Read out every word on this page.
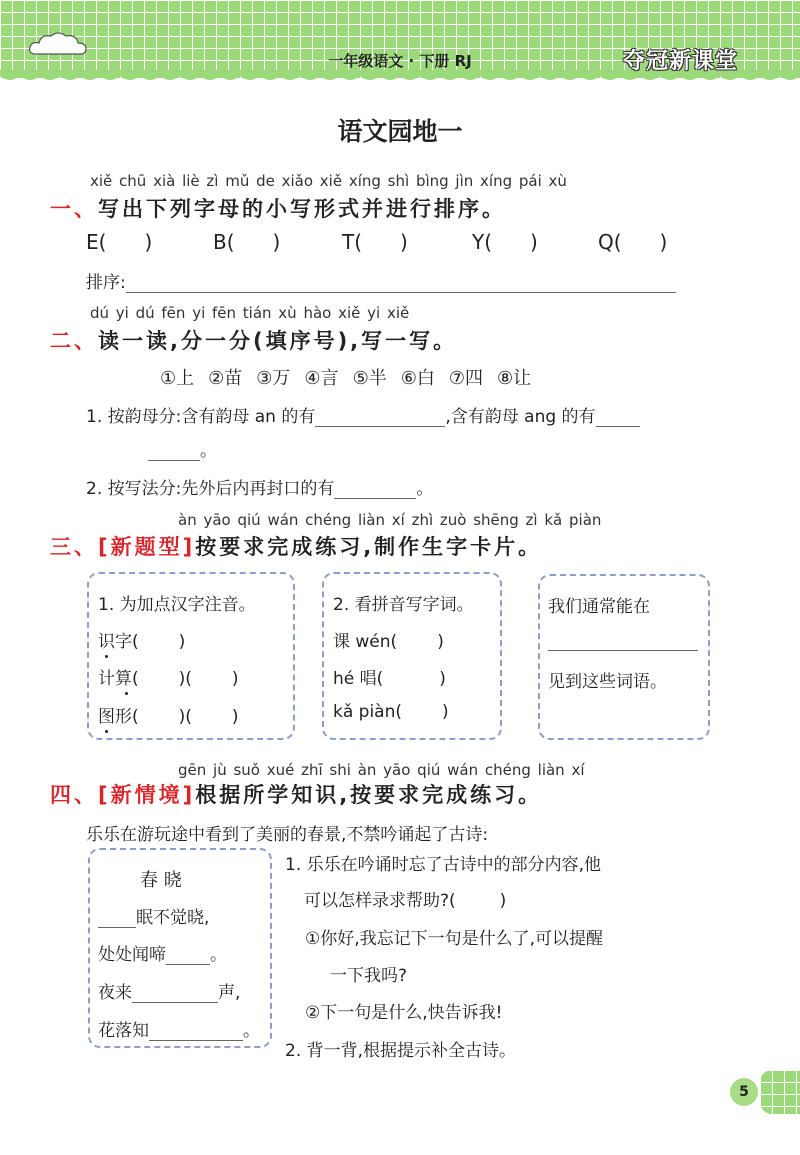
一年级语文 · 下册 RJ	夺冠新课堂
语文园地一
xiě chū xià liè zì mǔ de xiǎo xiě xíng shì bìng jìn xíng pái xù
一、写出下列字母的小写形式并进行排序。
E( )	B( )	T( )	Y( )	Q( )
排序:
dú yi dú fēn yi fēn tián xù hào xiě yi xiě
二、读一读,分一分(填序号),写一写。
①上 ②苗 ③万 ④言 ⑤半 ⑥白 ⑦四 ⑧让
1. 按韵母分:含有韵母 an 的有	,含有韵母 ang 的有
。
2. 按写法分:先外后内再封口的有	。
àn yāo qiú wán chéng liàn xí zhì zuò shēng zì kǎ piàn
三、[新题型]按要求完成练习,制作生字卡片。
1. 为加点汉字注音。
识字( )
计算( )( )
图形( )( )
2. 看拼音写字词。
课 wén( )
hé 唱(	)
kǎ piàn( )
我们通常能在
见到这些词语。
gēn jù suǒ xué zhī shi àn yāo qiú wán chéng liàn xí
四、[新情境]根据所学知识,按要求完成练习。
乐乐在游玩途中看到了美丽的春景,不禁吟诵起了古诗:
春 晓
眠不觉晓,
处处闻啼	。
夜来	声,
花落知	。
1. 乐乐在吟诵时忘了古诗中的部分内容,他
可以怎样录求帮助?(	)
①你好,我忘记下一句是什么了,可以提醒
一下我吗?
②下一句是什么,快告诉我!
2. 背一背,根据提示补全古诗。
5
